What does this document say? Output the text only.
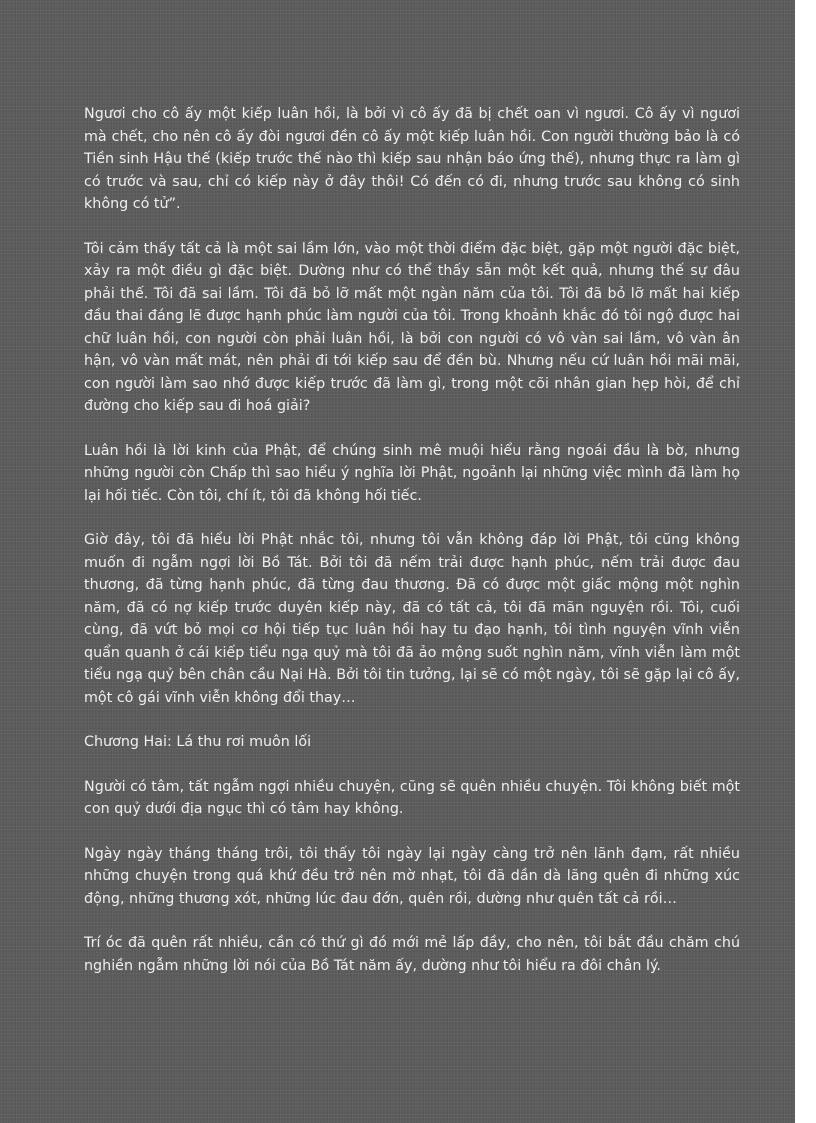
Ngươi cho cô ấy một kiếp luân hồi, là bởi vì cô ấy đã bị chết oan vì ngươi. Cô ấy vì ngươi mà chết, cho nên cô ấy đòi ngươi đền cô ấy một kiếp luân hồi. Con người thường bảo là có Tiền sinh Hậu thế (kiếp trước thế nào thì kiếp sau nhận báo ứng thế), nhưng thực ra làm gì có trước và sau, chỉ có kiếp này ở đây thôi! Có đến có đi, nhưng trước sau không có sinh không có tử”.

Tôi cảm thấy tất cả là một sai lầm lớn, vào một thời điểm đặc biệt, gặp một người đặc biệt, xảy ra một điều gì đặc biệt. Dường như có thể thấy sẵn một kết quả, nhưng thế sự đâu phải thế. Tôi đã sai lầm. Tôi đã bỏ lỡ mất một ngàn năm của tôi. Tôi đã bỏ lỡ mất hai kiếp đầu thai đáng lẽ được hạnh phúc làm người của tôi. Trong khoảnh khắc đó tôi ngộ được hai chữ luân hồi, con người còn phải luân hồi, là bởi con người có vô vàn sai lầm, vô vàn ân hận, vô vàn mất mát, nên phải đi tới kiếp sau để đền bù. Nhưng nếu cứ luân hồi mãi mãi, con người làm sao nhớ được kiếp trước đã làm gì, trong một cõi nhân gian hẹp hòi, để chỉ đường cho kiếp sau đi hoá giải?

Luân hồi là lời kinh của Phật, để chúng sinh mê muội hiểu rằng ngoái đầu là bờ, nhưng những người còn Chấp thì sao hiểu ý nghĩa lời Phật, ngoảnh lại những việc mình đã làm họ lại hối tiếc. Còn tôi, chí ít, tôi đã không hối tiếc.

Giờ đây, tôi đã hiểu lời Phật nhắc tôi, nhưng tôi vẫn không đáp lời Phật, tôi cũng không muốn đi ngẫm ngợi lời Bồ Tát. Bởi tôi đã nếm trải được hạnh phúc, nếm trải được đau thương, đã từng hạnh phúc, đã từng đau thương. Đã có được một giấc mộng một nghìn năm, đã có nợ kiếp trước duyên kiếp này, đã có tất cả, tôi đã mãn nguyện rồi. Tôi, cuối cùng, đã vứt bỏ mọi cơ hội tiếp tục luân hồi hay tu đạo hạnh, tôi tình nguyện vĩnh viễn quẩn quanh ở cái kiếp tiểu ngạ quỷ mà tôi đã ảo mộng suốt nghìn năm, vĩnh viễn làm một tiểu ngạ quỷ bên chân cầu Nại Hà. Bởi tôi tin tưởng, lại sẽ có một ngày, tôi sẽ gặp lại cô ấy, một cô gái vĩnh viễn không đổi thay…

Chương Hai: Lá thu rơi muôn lối

Người có tâm, tất ngẫm ngợi nhiều chuyện, cũng sẽ quên nhiều chuyện. Tôi không biết một con quỷ dưới địa ngục thì có tâm hay không.

Ngày ngày tháng tháng trôi, tôi thấy tôi ngày lại ngày càng trở nên lãnh đạm, rất nhiều những chuyện trong quá khứ đều trở nên mờ nhạt, tôi đã dần dà lãng quên đi những xúc động, những thương xót, những lúc đau đớn, quên rồi, dường như quên tất cả rồi…

Trí óc đã quên rất nhiều, cần có thứ gì đó mới mẻ lấp đầy, cho nên, tôi bắt đầu chăm chú nghiền ngẫm những lời nói của Bồ Tát năm ấy, dường như tôi hiểu ra đôi chân lý.
